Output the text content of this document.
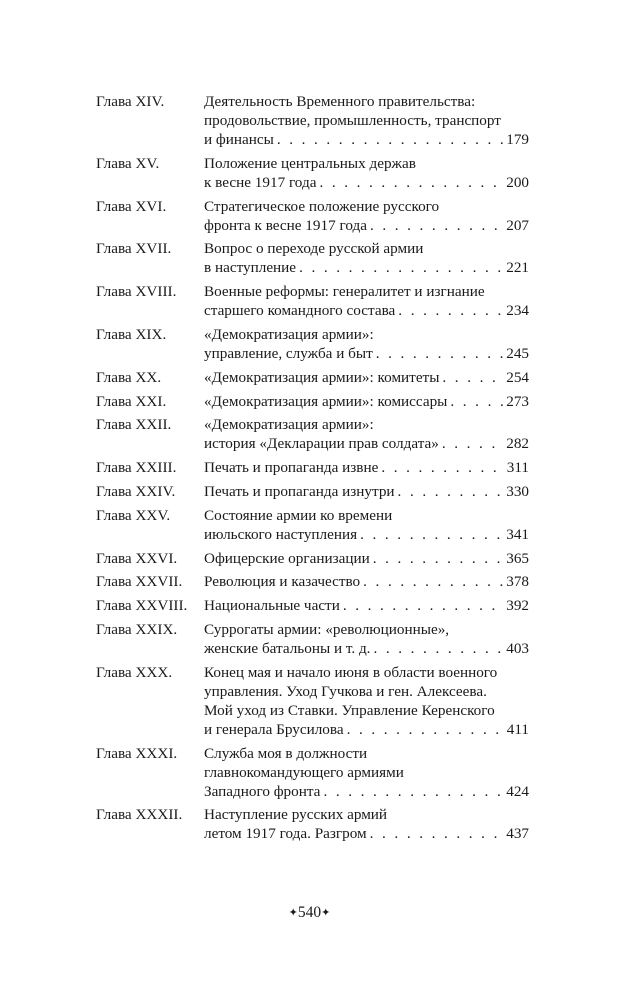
Глава XIV.	Деятельность Временного правительства:
продовольствие, промышленность, транспорт
и финансы . . .	179
Глава XV.	Положение центральных держав
к весне 1917 года . . .	200
Глава XVI. Стратегическое положение русского
фронта к весне 1917 года . . .	207
Глава XVII. Вопрос о переходе русской армии
в наступление . . .	221
Глава XVIII. Военные реформы: генералитет и изгнание
старшего командного состава . . .	234
Глава XIX. «Демократизация армии»:
управление, служба и быт . . .	245
Глава XX.	«Демократизация армии»: комитеты . . .	254
Глава XXI. «Демократизация армии»: комиссары . . .	273
Глава XXII. «Демократизация армии»:
история «Декларации прав солдата» . . .	282
Глава XXIII. Печать и пропаганда извне . . .	311
Глава XXIV. Печать и пропаганда изнутри . . .	330
Глава XXV. Состояние армии ко времени
июльского наступления . . .	341
Глава XXVI. Офицерские организации . . .	365
Глава XXVII. Революция и казачество . . .	378
Глава XXVIII. Национальные части . . .	392
Глава XXIX. Суррогаты армии: «революционные»,
женские батальоны и т. д. . . .	403
Глава XXX. Конец мая и начало июня в области военного
управления. Уход Гучкова и ген. Алексеева.
Мой уход из Ставки. Управление Керенского
и генерала Брусилова . . .	411
Глава XXXI. Служба моя в должности
главнокомандующего армиями
Западного фронта . . .	424
Глава XXXII. Наступление русских армий
летом 1917 года. Разгром . . .	437
✦540✦
